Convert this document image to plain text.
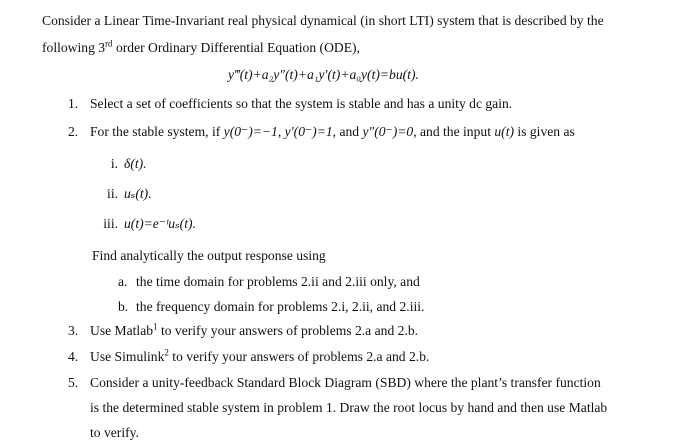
Consider a Linear Time-Invariant real physical dynamical (in short LTI) system that is described by the
following 3rd order Ordinary Differential Equation (ODE),
y‴(t)+a₂y″(t)+a₁y′(t)+a₀y(t)=bu(t).
1. Select a set of coefficients so that the system is stable and has a unity dc gain.
2. For the stable system, if y(0⁻)=−1, y′(0⁻)=1, and y″(0⁻)=0, and the input u(t) is given as
i. δ(t).
ii. uₛ(t).
iii. u(t)=e⁻ᵗuₛ(t).
Find analytically the output response using
a. the time domain for problems 2.ii and 2.iii only, and
b. the frequency domain for problems 2.i, 2.ii, and 2.iii.
3. Use Matlab$^1$ to verify your answers of problems 2.a and 2.b.
4. Use Simulink$^2$ to verify your answers of problems 2.a and 2.b.
5. Consider a unity-feedback Standard Block Diagram (SBD) where the plant’s transfer function
is the determined stable system in problem 1. Draw the root locus by hand and then use Matlab
to verify.
